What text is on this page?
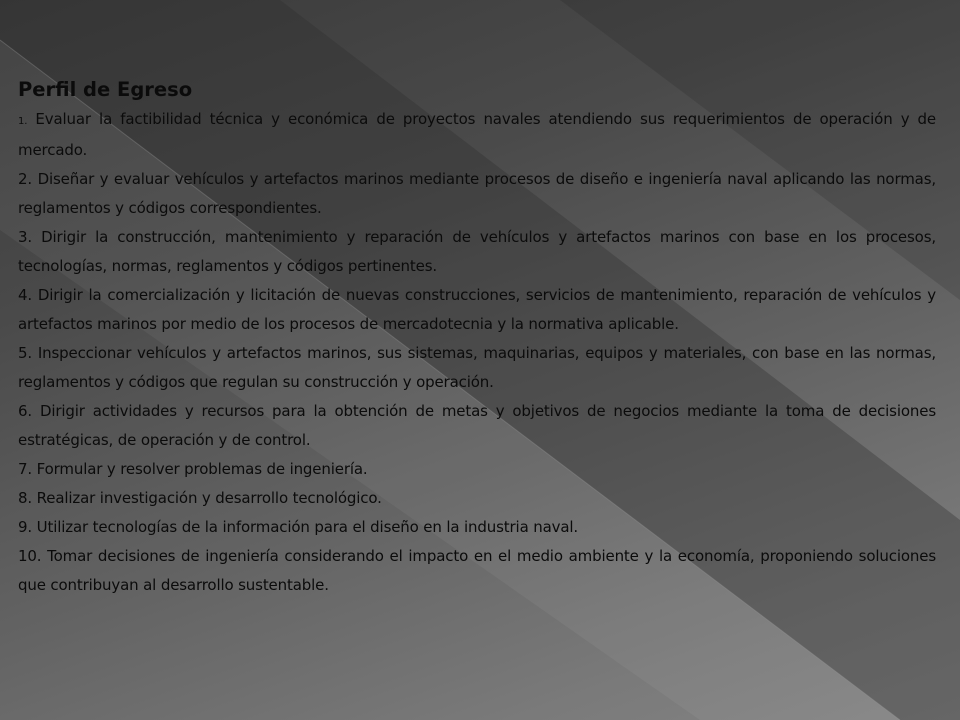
Perfil de Egreso

1. Evaluar la factibilidad técnica y económica de proyectos navales atendiendo sus requerimientos de operación y de mercado.

2. Diseñar y evaluar vehículos y artefactos marinos mediante procesos de diseño e ingeniería naval aplicando las normas, reglamentos y códigos correspondientes.

3. Dirigir la construcción, mantenimiento y reparación de vehículos y artefactos marinos con base en los procesos, tecnologías, normas, reglamentos y códigos pertinentes.

4. Dirigir la comercialización y licitación de nuevas construcciones, servicios de mantenimiento, reparación de vehículos y artefactos marinos por medio de los procesos de mercadotecnia y la normativa aplicable.

5. Inspeccionar vehículos y artefactos marinos, sus sistemas, maquinarias, equipos y materiales, con base en las normas, reglamentos y códigos que regulan su construcción y operación.

6. Dirigir actividades y recursos para la obtención de metas y objetivos de negocios mediante la toma de decisiones estratégicas, de operación y de control.

7. Formular y resolver problemas de ingeniería.

8. Realizar investigación y desarrollo tecnológico.

9. Utilizar tecnologías de la información para el diseño en la industria naval.

10. Tomar decisiones de ingeniería considerando el impacto en el medio ambiente y la economía, proponiendo soluciones que contribuyan al desarrollo sustentable.
